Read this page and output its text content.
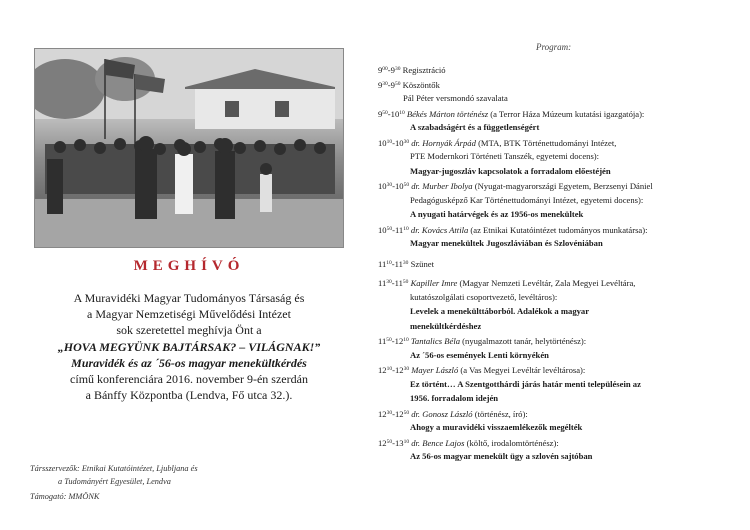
MEGHÍVÓ
A Muravidéki Magyar Tudományos Társaság és
a Magyar Nemzetiségi Művelődési Intézet
sok szeretettel meghívja Önt a
„HOVA MEGYÜNK BAJTÁRSAK? – VILÁGNAK!”
Muravidék és az ´56-os magyar menekültkérdés
című konferenciára 2016. november 9-én szerdán
a Bánffy Központba (Lendva, Fő utca 32.).
Társszervezők: Etnikai Kutatóintézet, Ljubljana és
a Tudományért Egyesület, Lendva
Támogató: MMÖNK
Program:
$9^{00}-9^{30}$ Regisztráció
$9^{30}-9^{50}$ Köszöntők
Pál Péter versmondó szavalata
$9^{50}-10^{10}$ Békés Márton történész (a Terror Háza Múzeum kutatási igazgatója):
A szabadságért és a függetlenségért
$10^{10}-10^{30}$ dr. Hornyák Árpád (MTA, BTK Történettudományi Intézet,
PTE Modernkori Történeti Tanszék, egyetemi docens):
Magyar-jugoszláv kapcsolatok a forradalom előestéjén
$10^{30}-10^{50}$ dr. Murber Ibolya (Nyugat-magyarországi Egyetem, Berzsenyi Dániel
Pedagógusképző Kar Történettudományi Intézet, egyetemi docens):
A nyugati határvégek és az 1956-os menekültek
$10^{50}-11^{10}$ dr. Kovács Attila (az Etnikai Kutatóintézet tudományos munkatársa):
Magyar menekültek Jugoszláviában és Szlovéniában
$11^{10}-11^{30}$ Szünet
$11^{30}-11^{50}$ Kapiller Imre (Magyar Nemzeti Levéltár, Zala Megyei Levéltára,
kutatószolgálati csoportvezető, levéltáros):
Levelek a menekülttáborból. Adalékok a magyar
menekültkérdéshez
$11^{50}-12^{10}$ Tantalics Béla (nyugalmazott tanár, helytörténész):
Az ´56-os események Lenti környékén
$12^{10}-12^{30}$ Mayer László (a Vas Megyei Levéltár levéltárosa):
Ez történt… A Szentgotthárdi járás határ menti településein az
1956. forradalom idején
$12^{30}-12^{50}$ dr. Gonosz László (történész, író):
Ahogy a muravidéki visszaemlékezők megélték
$12^{50}-13^{10}$ dr. Bence Lajos (költő, irodalomtörténész):
Az 56-os magyar menekült ügy a szlovén sajtóban
